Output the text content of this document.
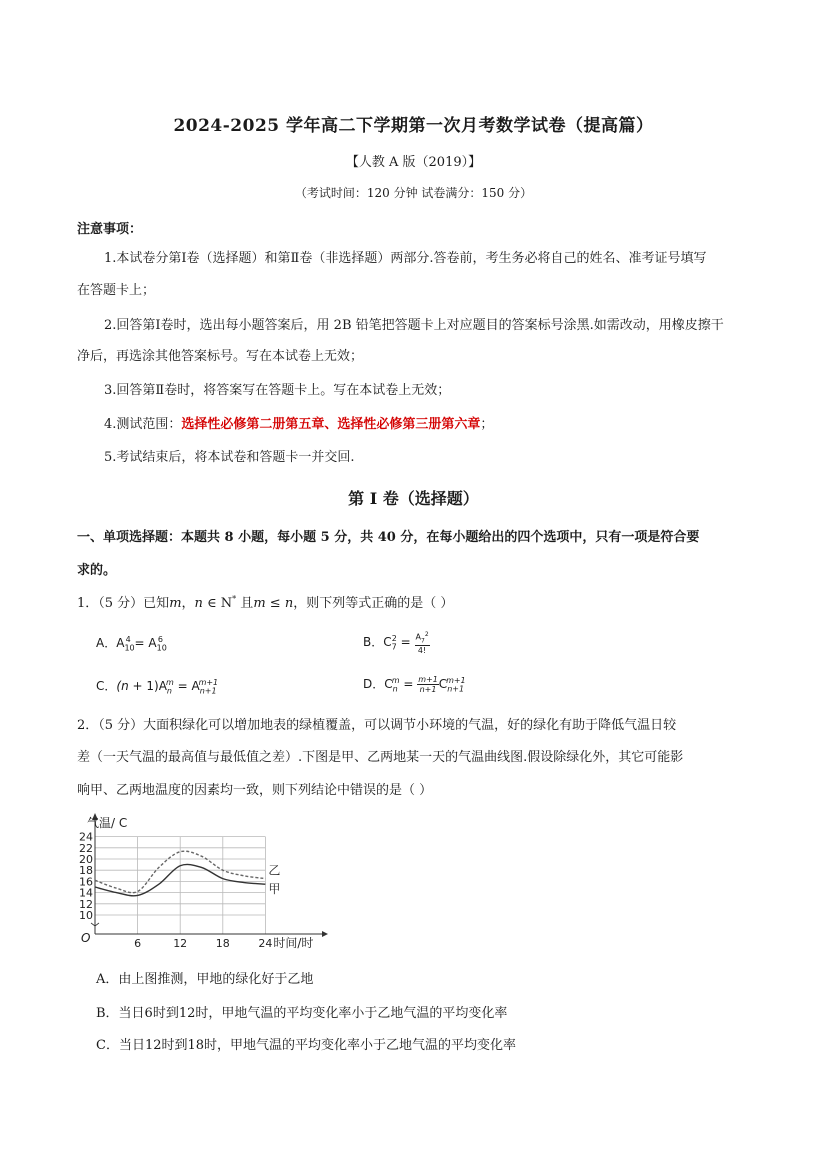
2024-2025 学年高二下学期第一次月考数学试卷（提高篇）
【人教 A 版（2019）】
（考试时间：120 分钟 试卷满分：150 分）
注意事项：
1.本试卷分第Ⅰ卷（选择题）和第Ⅱ卷（非选择题）两部分.答卷前，考生务必将自己的姓名、准考证号填写
在答题卡上；
2.回答第Ⅰ卷时，选出每小题答案后，用 2B 铅笔把答题卡上对应题目的答案标号涂黑.如需改动，用橡皮擦干
净后，再选涂其他答案标号。写在本试卷上无效；
3.回答第Ⅱ卷时，将答案写在答题卡上。写在本试卷上无效；
4.测试范围：选择性必修第二册第五章、选择性必修第三册第六章；
5.考试结束后，将本试卷和答题卡一并交回.
第 I 卷（选择题）
一、单项选择题：本题共 8 小题，每小题 5 分，共 40 分，在每小题给出的四个选项中，只有一项是符合要
求的。
1．（5 分）已知m，n ∈ N* 且m ≤ n，则下列等式正确的是（ ）
A．$A_{10}^4 = A_{10}^6$	B．$C_7^2 = \frac{A_7^2}{4!}$
C．$(n + 1)A_n^m = A_{n+1}^{m+1}$	D．$C_n^m = \frac{m+1}{n+1} C_{n+1}^{m+1}$
2．（5 分）大面积绿化可以增加地表的绿植覆盖，可以调节小环境的气温，好的绿化有助于降低气温日较
差（一天气温的最高值与最低值之差）.下图是甲、乙两地某一天的气温曲线图.假设除绿化外，其它可能影
响甲、乙两地温度的因素均一致，则下列结论中错误的是（ ）
10
12
14
16
18
20
22
24
6	12	18	24
O
气温/ C
时间/时
甲
乙
A．由上图推测，甲地的绿化好于乙地
B．当日6时到12时，甲地气温的平均变化率小于乙地气温的平均变化率
C．当日12时到18时，甲地气温的平均变化率小于乙地气温的平均变化率
